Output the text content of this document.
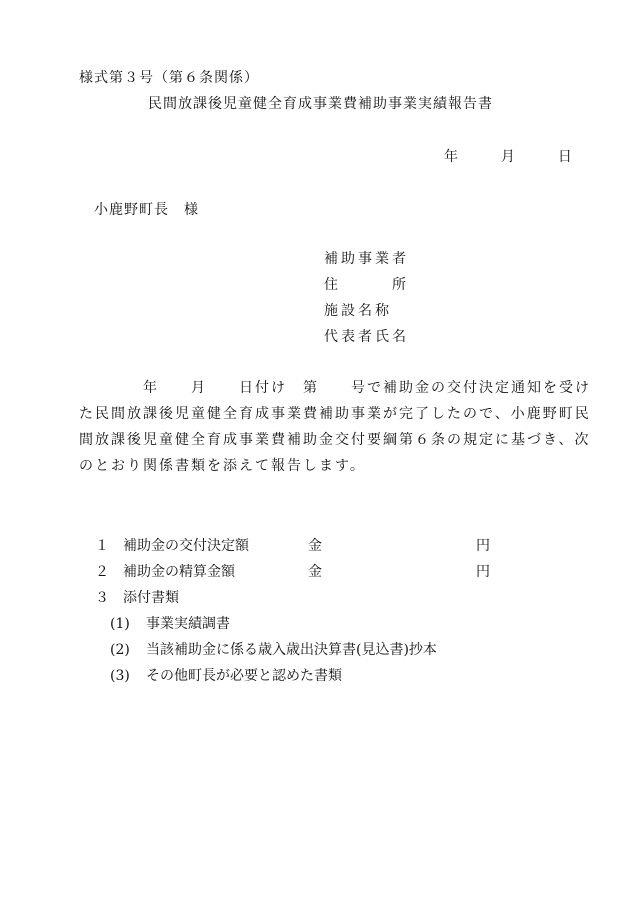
様式第３号（第６条関係）
民間放課後児童健全育成事業費補助事業実績報告書
年	月	日
小鹿野町長　様
補助事業者
住　　　所
施設名称
代表者氏名
　　　　年　　月　　日付け　第　　号で補助金の交付決定通知を受け
た民間放課後児童健全育成事業費補助事業が完了したので、小鹿野町民
間放課後児童健全育成事業費補助金交付要綱第６条の規定に基づき、次
のとおり関係書類を添えて報告します。
１ 補助金の交付決定額	金	円
２ 補助金の精算金額	金	円
３ 添付書類
(1) 事業実績調書
(2) 当該補助金に係る歳入歳出決算書(見込書)抄本
(3) その他町長が必要と認めた書類
